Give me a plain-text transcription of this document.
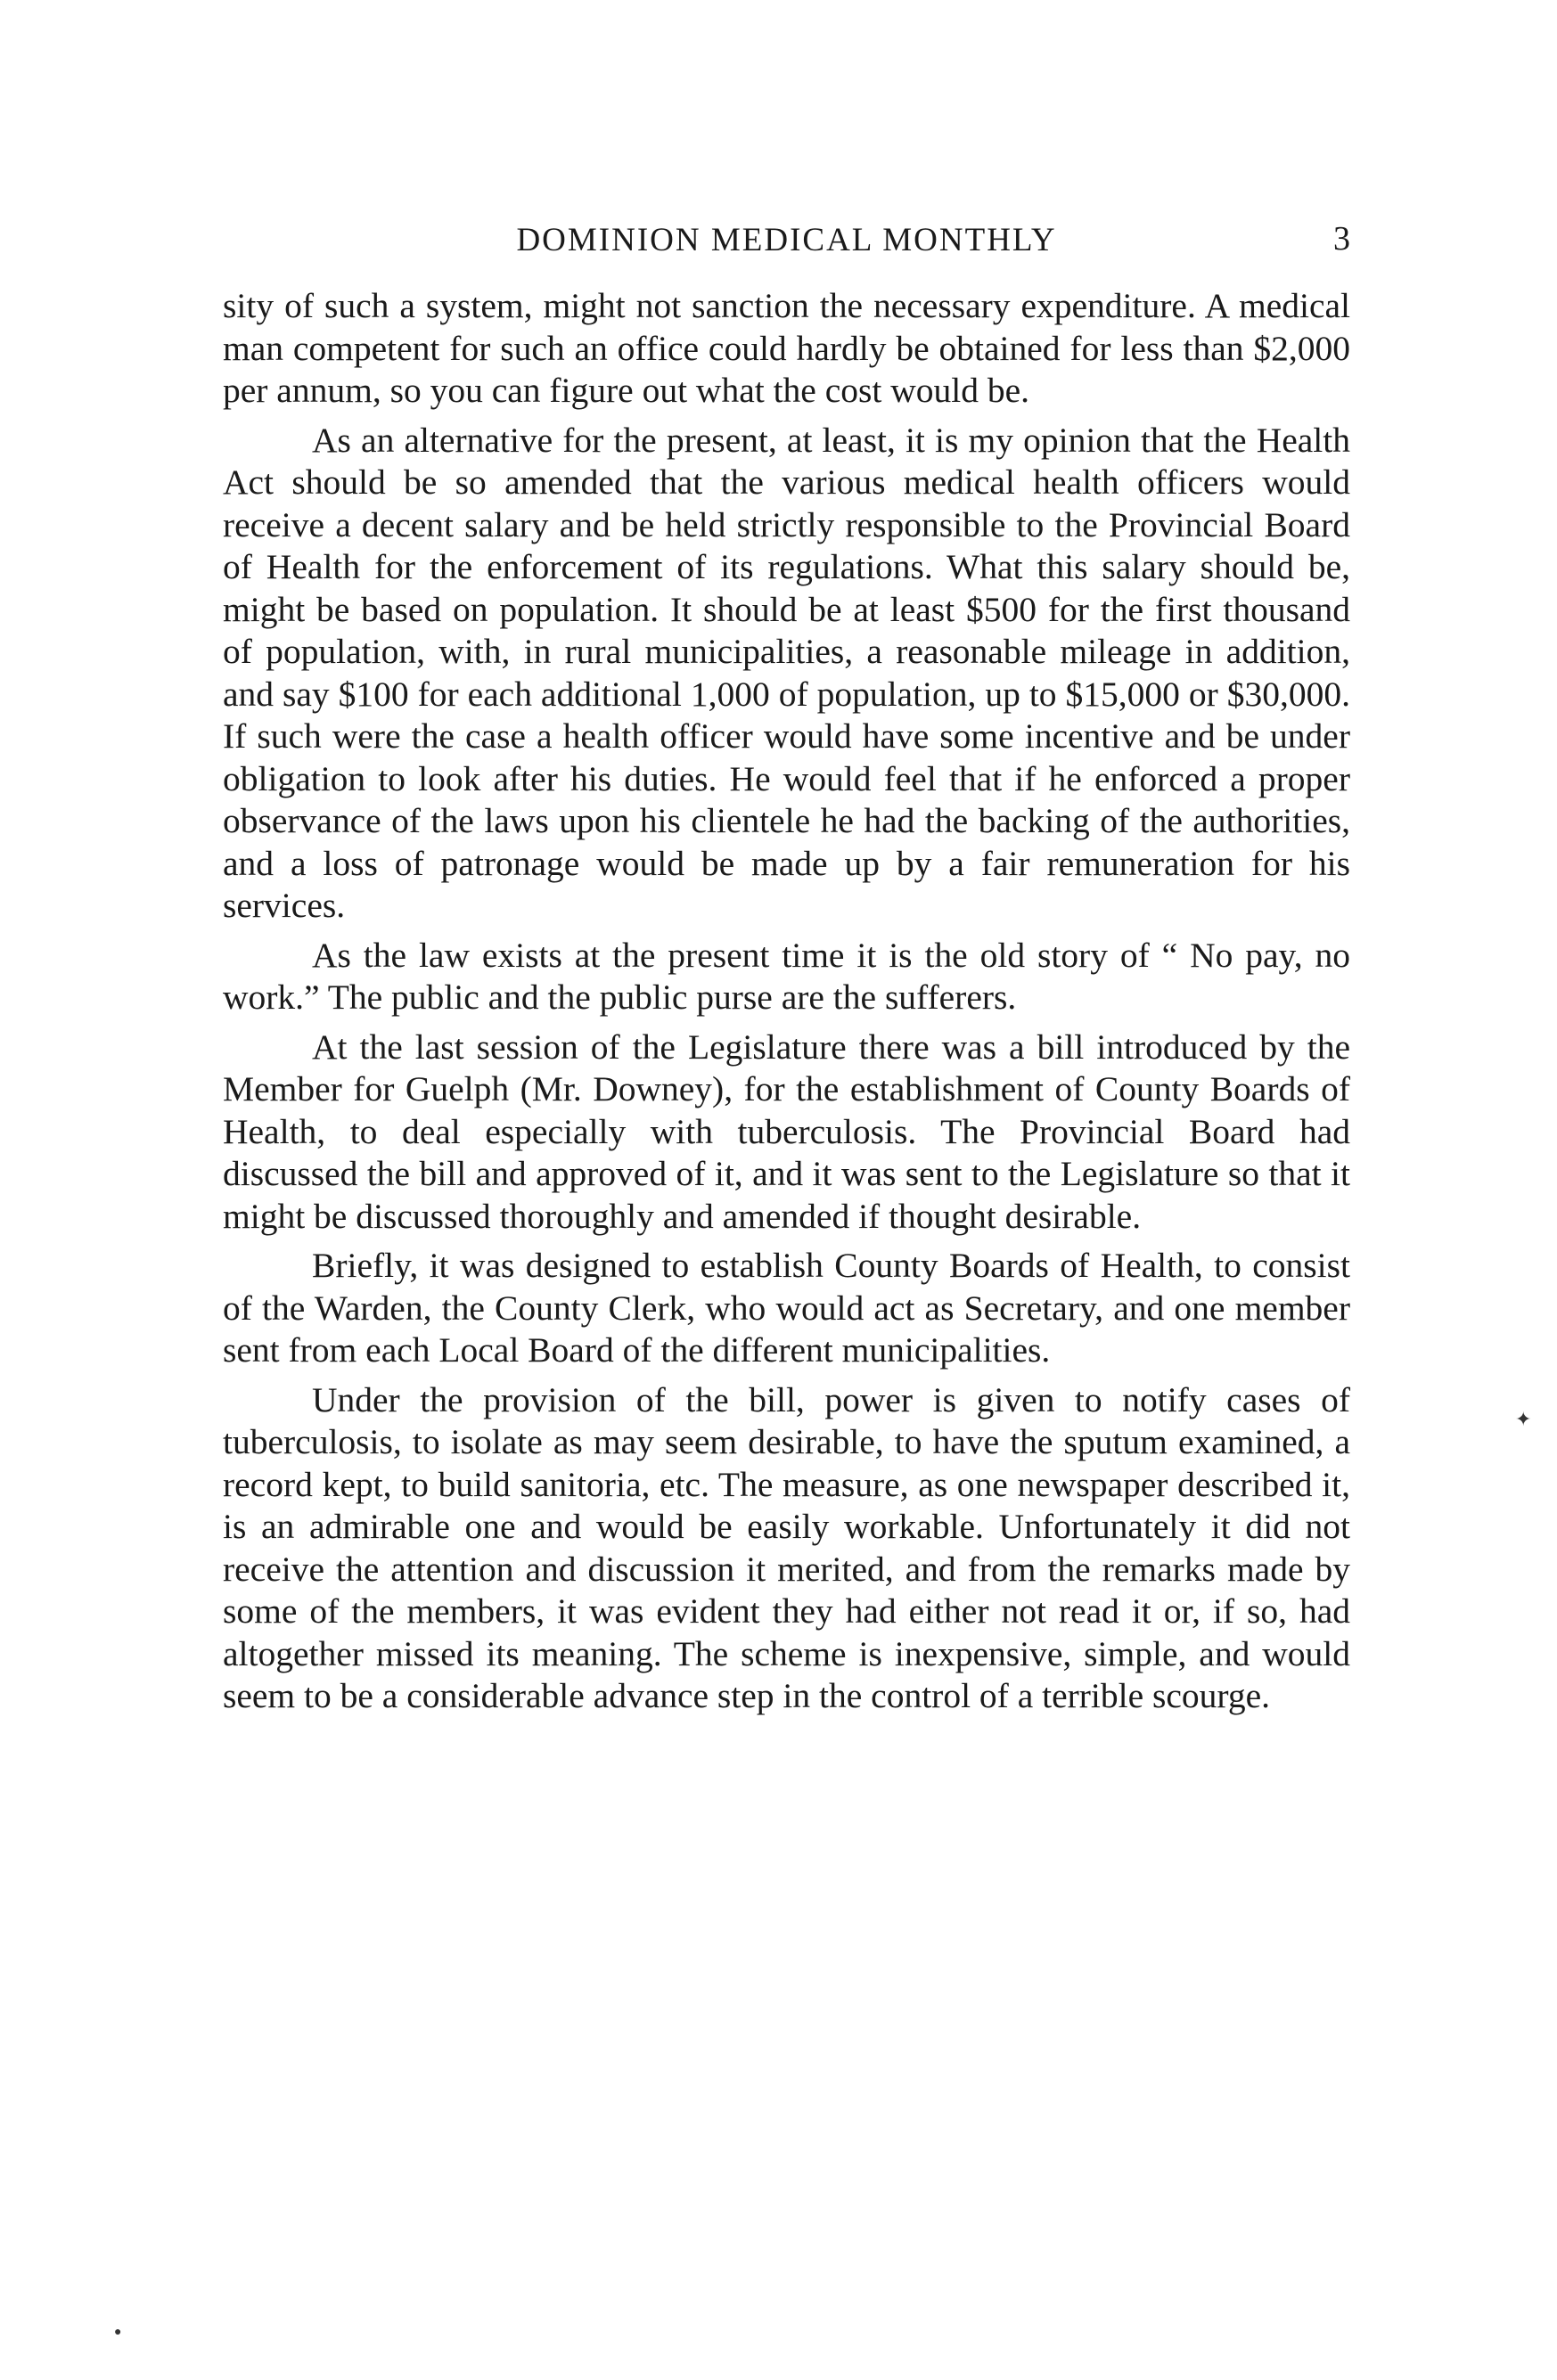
DOMINION MEDICAL MONTHLY	3

sity of such a system, might not sanction the necessary expenditure. A medical man competent for such an office could hardly be obtained for less than $2,000 per annum, so you can figure out what the cost would be.

As an alternative for the present, at least, it is my opinion that the Health Act should be so amended that the various medical health officers would receive a decent salary and be held strictly responsible to the Provincial Board of Health for the enforcement of its regulations. What this salary should be, might be based on population. It should be at least $500 for the first thousand of population, with, in rural municipalities, a reasonable mileage in addition, and say $100 for each additional 1,000 of population, up to $15,000 or $30,000. If such were the case a health officer would have some incentive and be under obligation to look after his duties. He would feel that if he enforced a proper observance of the laws upon his clientele he had the backing of the authorities, and a loss of patronage would be made up by a fair remuneration for his services.

As the law exists at the present time it is the old story of “ No pay, no work.” The public and the public purse are the sufferers.

At the last session of the Legislature there was a bill introduced by the Member for Guelph (Mr. Downey), for the establishment of County Boards of Health, to deal especially with tuberculosis. The Provincial Board had discussed the bill and approved of it, and it was sent to the Legislature so that it might be discussed thoroughly and amended if thought desirable.

Briefly, it was designed to establish County Boards of Health, to consist of the Warden, the County Clerk, who would act as Secretary, and one member sent from each Local Board of the different municipalities.

Under the provision of the bill, power is given to notify cases of tuberculosis, to isolate as may seem desirable, to have the sputum examined, a record kept, to build sanitoria, etc. The measure, as one newspaper described it, is an admirable one and would be easily workable. Unfortunately it did not receive the attention and discussion it merited, and from the remarks made by some of the members, it was evident they had either not read it or, if so, had altogether missed its meaning. The scheme is inexpensive, simple, and would seem to be a considerable advance step in the control of a terrible scourge.

✦
●
